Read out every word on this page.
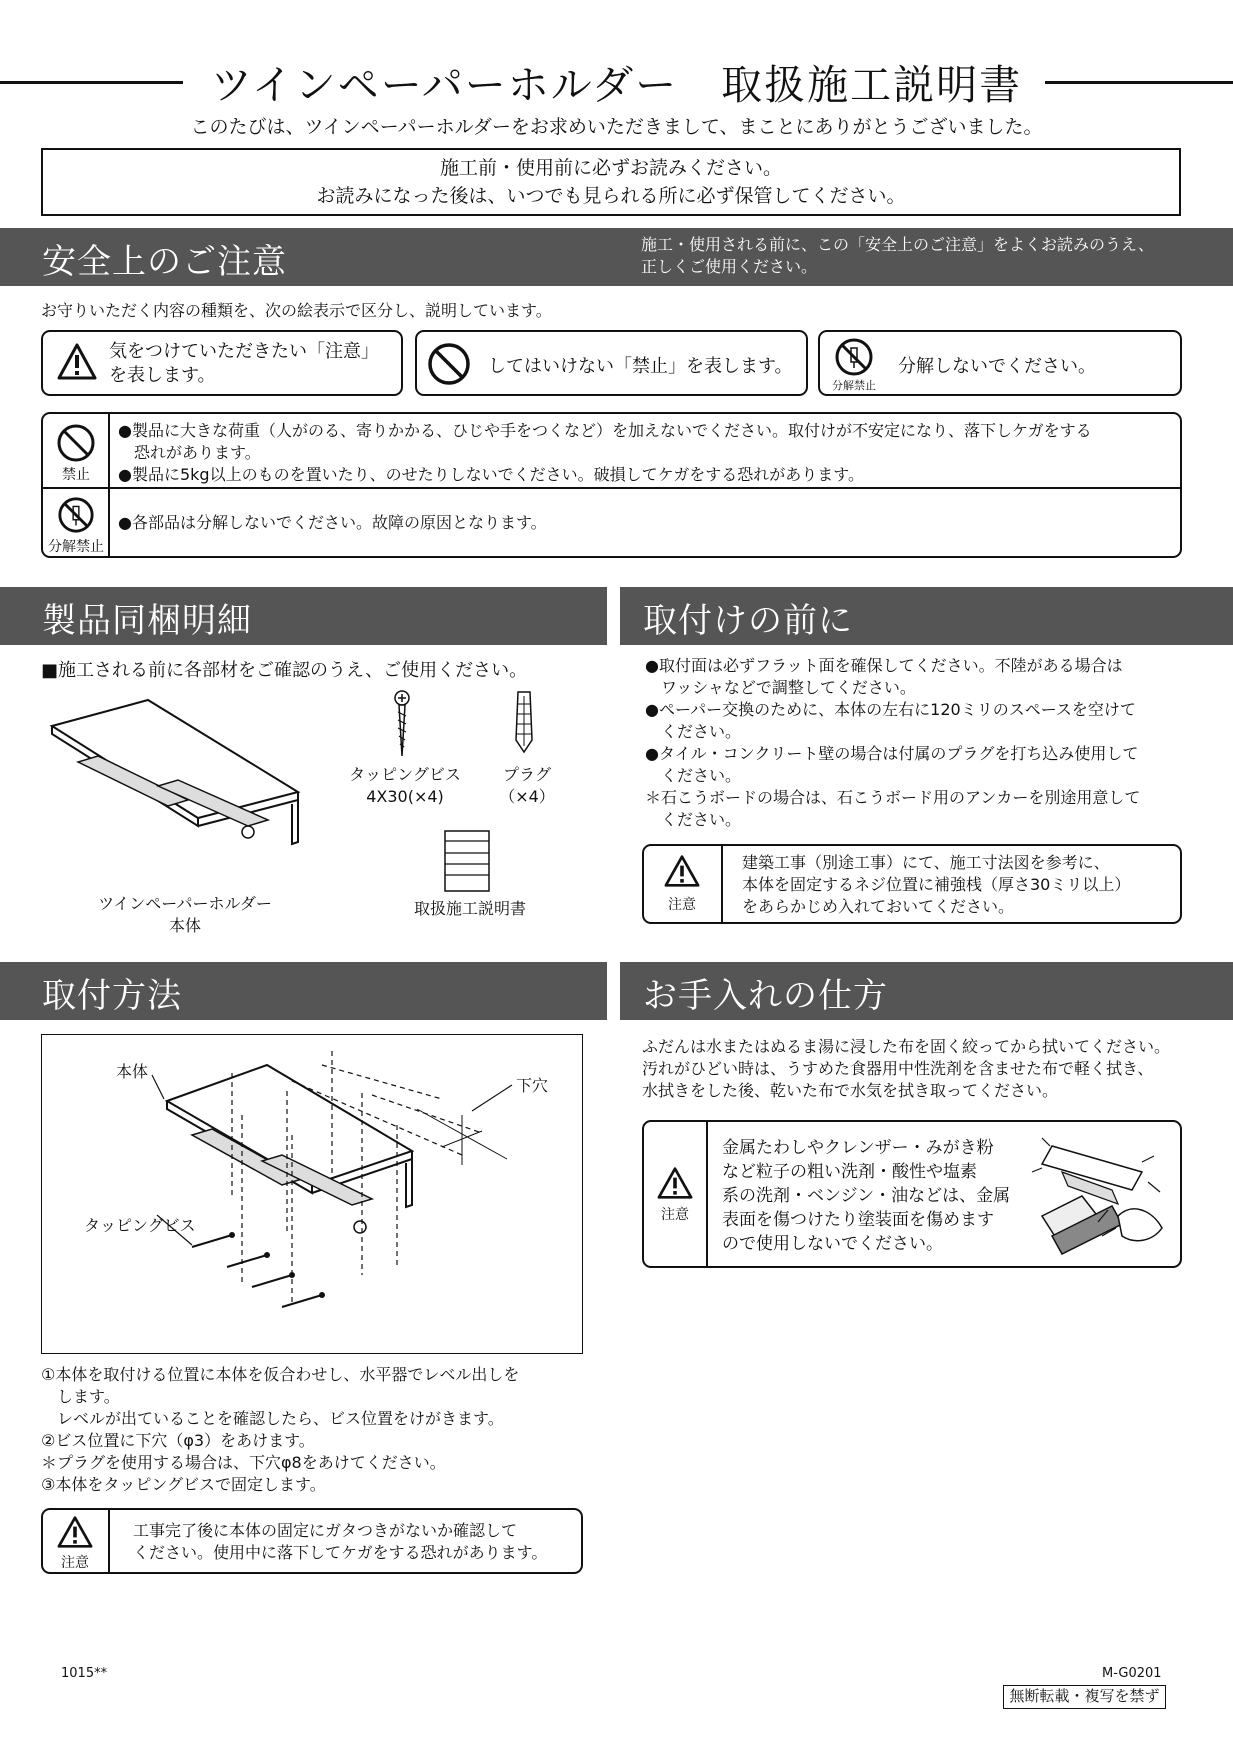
ツインペーパーホルダー　取扱施工説明書
このたびは、ツインペーパーホルダーをお求めいただきまして、まことにありがとうございました。
施工前・使用前に必ずお読みください。
お読みになった後は、いつでも見られる所に必ず保管してください。
安全上のご注意	施工・使用される前に、この「安全上のご注意」をよくお読みのうえ、
正しくご使用ください。
お守りいただく内容の種類を、次の絵表示で区分し、説明しています。
気をつけていただきたい「注意」
を表します。	してはいけない「禁止」を表します。
分解禁止
分解しないでください。
禁止
●製品に大きな荷重（人がのる、寄りかかる、ひじや手をつくなど）を加えないでください。取付けが不安定になり、落下しケガをする
恐れがあります。
●製品に5kg以上のものを置いたり、のせたりしないでください。破損してケガをする恐れがあります。
分解禁止
●各部品は分解しないでください。故障の原因となります。
製品同梱明細	取付けの前に
■施工される前に各部材をご確認のうえ、ご使用ください。
ツインペーパーホルダー
本体
タッピングビス
4X30(×4)
プラグ
（×4）
取扱施工説明書
●取付面は必ずフラット面を確保してください。不陸がある場合は
ワッシャなどで調整してください。
●ペーパー交換のために、本体の左右に120ミリのスペースを空けて
ください。
●タイル・コンクリート壁の場合は付属のプラグを打ち込み使用して
ください。
＊石こうボードの場合は、石こうボード用のアンカーを別途用意して
ください。
注意
建築工事（別途工事）にて、施工寸法図を参考に、
本体を固定するネジ位置に補強桟（厚さ30ミリ以上）
をあらかじめ入れておいてください。
取付方法	お手入れの仕方
本体
下穴
タッピングビス
①本体を取付ける位置に本体を仮合わせし、水平器でレベル出しを
　します。
　レベルが出ていることを確認したら、ビス位置をけがきます。
②ビス位置に下穴（φ3）をあけます。
＊プラグを使用する場合は、下穴φ8をあけてください。
③本体をタッピングビスで固定します。
注意
工事完了後に本体の固定にガタつきがないか確認して
ください。使用中に落下してケガをする恐れがあります。
ふだんは水またはぬるま湯に浸した布を固く絞ってから拭いてください。
汚れがひどい時は、うすめた食器用中性洗剤を含ませた布で軽く拭き、
水拭きをした後、乾いた布で水気を拭き取ってください。
注意
金属たわしやクレンザー・みがき粉
など粒子の粗い洗剤・酸性や塩素
系の洗剤・ベンジン・油などは、金属
表面を傷つけたり塗装面を傷めます
ので使用しないでください。
1015**	M-G0201
無断転載・複写を禁ず
